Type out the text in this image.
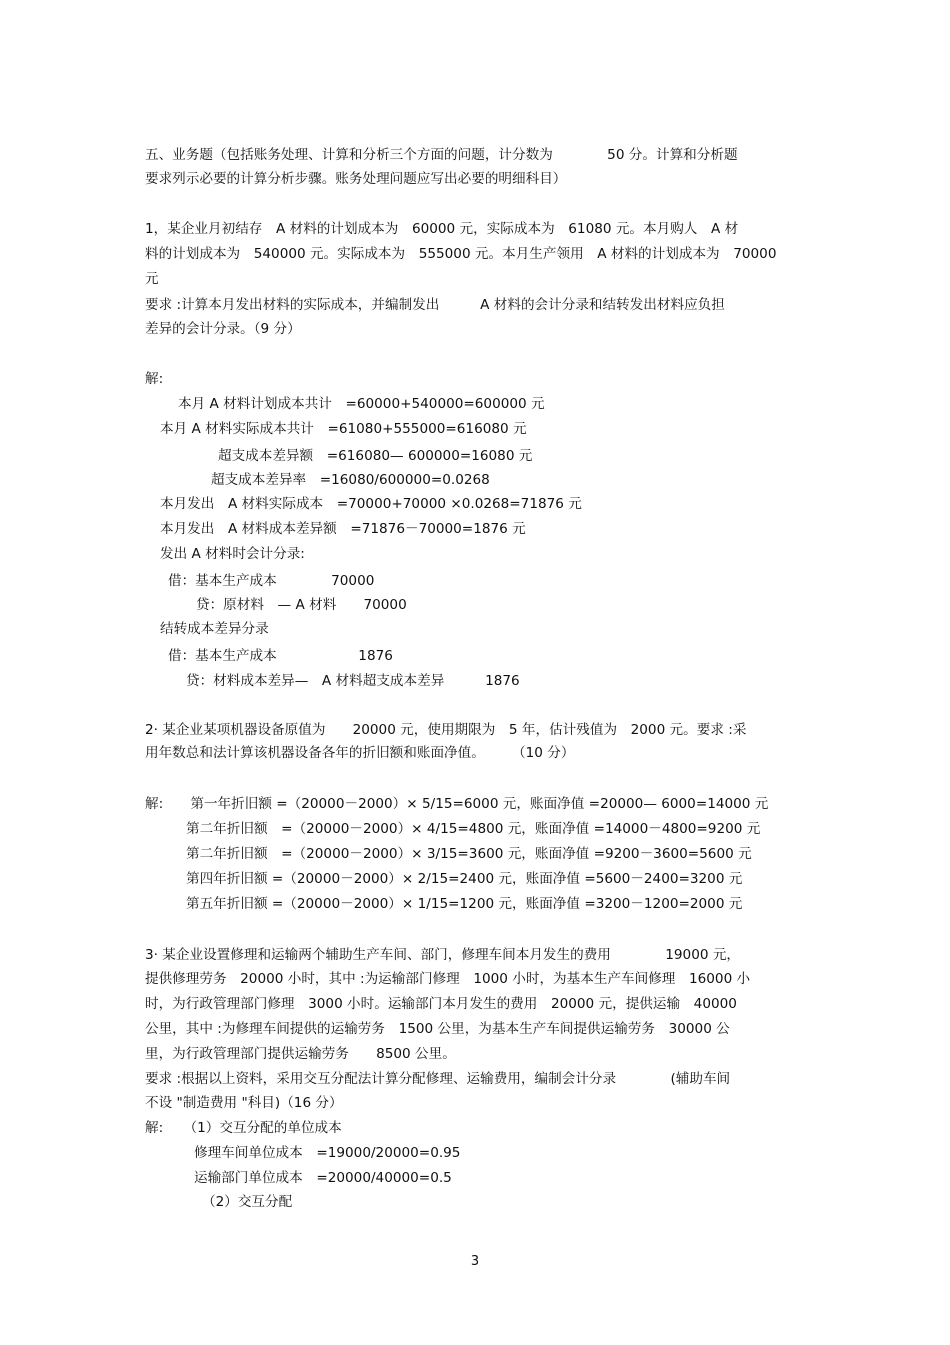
五、业务题（包括账务处理、计算和分析三个方面的问题，计分数为　　　　50 分。计算和分析题
要求列示必要的计算分析步骤。账务处理问题应写出必要的明细科目）
1，某企业月初结存　A 材料的计划成本为　60000 元，实际成本为　61080 元。本月购人　A 材
料的计划成本为　540000 元。实际成本为　555000 元。本月生产领用　A 材料的计划成本为　70000
元
要求 :计算本月发出材料的实际成本，并编制发出　　　A 材料的会计分录和结转发出材料应负担
差异的会计分录。（9 分）
解:
本月 A 材料计划成本共计　=60000+540000=600000 元
本月 A 材料实际成本共计　=61080+555000=616080 元
超支成本差异额　=616080— 600000=16080 元
超支成本差异率　=16080/600000=0.0268
本月发出　A 材料实际成本　=70000+70000 ×0.0268=71876 元
本月发出　A 材料成本差异额　=71876－70000=1876 元
发出 A 材料时会计分录:
借：基本生产成本　　　　70000
贷：原材料　— A 材料　　70000
结转成本差异分录
借：基本生产成本　　　　　　1876
贷：材料成本差异—　A 材料超支成本差异　　　1876
2· 某企业某项机器设备原值为　　20000 元，使用期限为　5 年，估计残值为　2000 元。要求 :采
用年数总和法计算该机器设备各年的折旧额和账面净值。　　　（10 分）
解:　　第一年折旧额 =（20000－2000）× 5/15=6000 元，账面净值 =20000— 6000=14000 元
第二年折旧额　=（20000－2000）× 4/15=4800 元，账面净值 =14000－4800=9200 元
第二年折旧额　=（20000－2000）× 3/15=3600 元，账面净值 =9200－3600=5600 元
第四年折旧额 =（20000－2000）× 2/15=2400 元，账面净值 =5600－2400=3200 元
第五年折旧额 =（20000－2000）× 1/15=1200 元，账面净值 =3200－1200=2000 元
3· 某企业设置修理和运输两个辅助生产车间、部门，修理车间本月发生的费用　　　　19000 元，
提供修理劳务　20000 小时，其中 :为运输部门修理　1000 小时，为基本生产车间修理　16000 小
时，为行政管理部门修理　3000 小时。运输部门本月发生的费用　20000 元，提供运输　40000
公里，其中 :为修理车间提供的运输劳务　1500 公里，为基本生产车间提供运输劳务　30000 公
里，为行政管理部门提供运输劳务　　8500 公里。
要求 :根据以上资料，采用交互分配法计算分配修理、运输费用，编制会计分录　　　　(辅助车间
不设 "制造费用 "科目)（16 分）
解:　　（1）交互分配的单位成本
修理车间单位成本　=19000/20000=0.95
运输部门单位成本　=20000/40000=0.5
（2）交互分配
3
